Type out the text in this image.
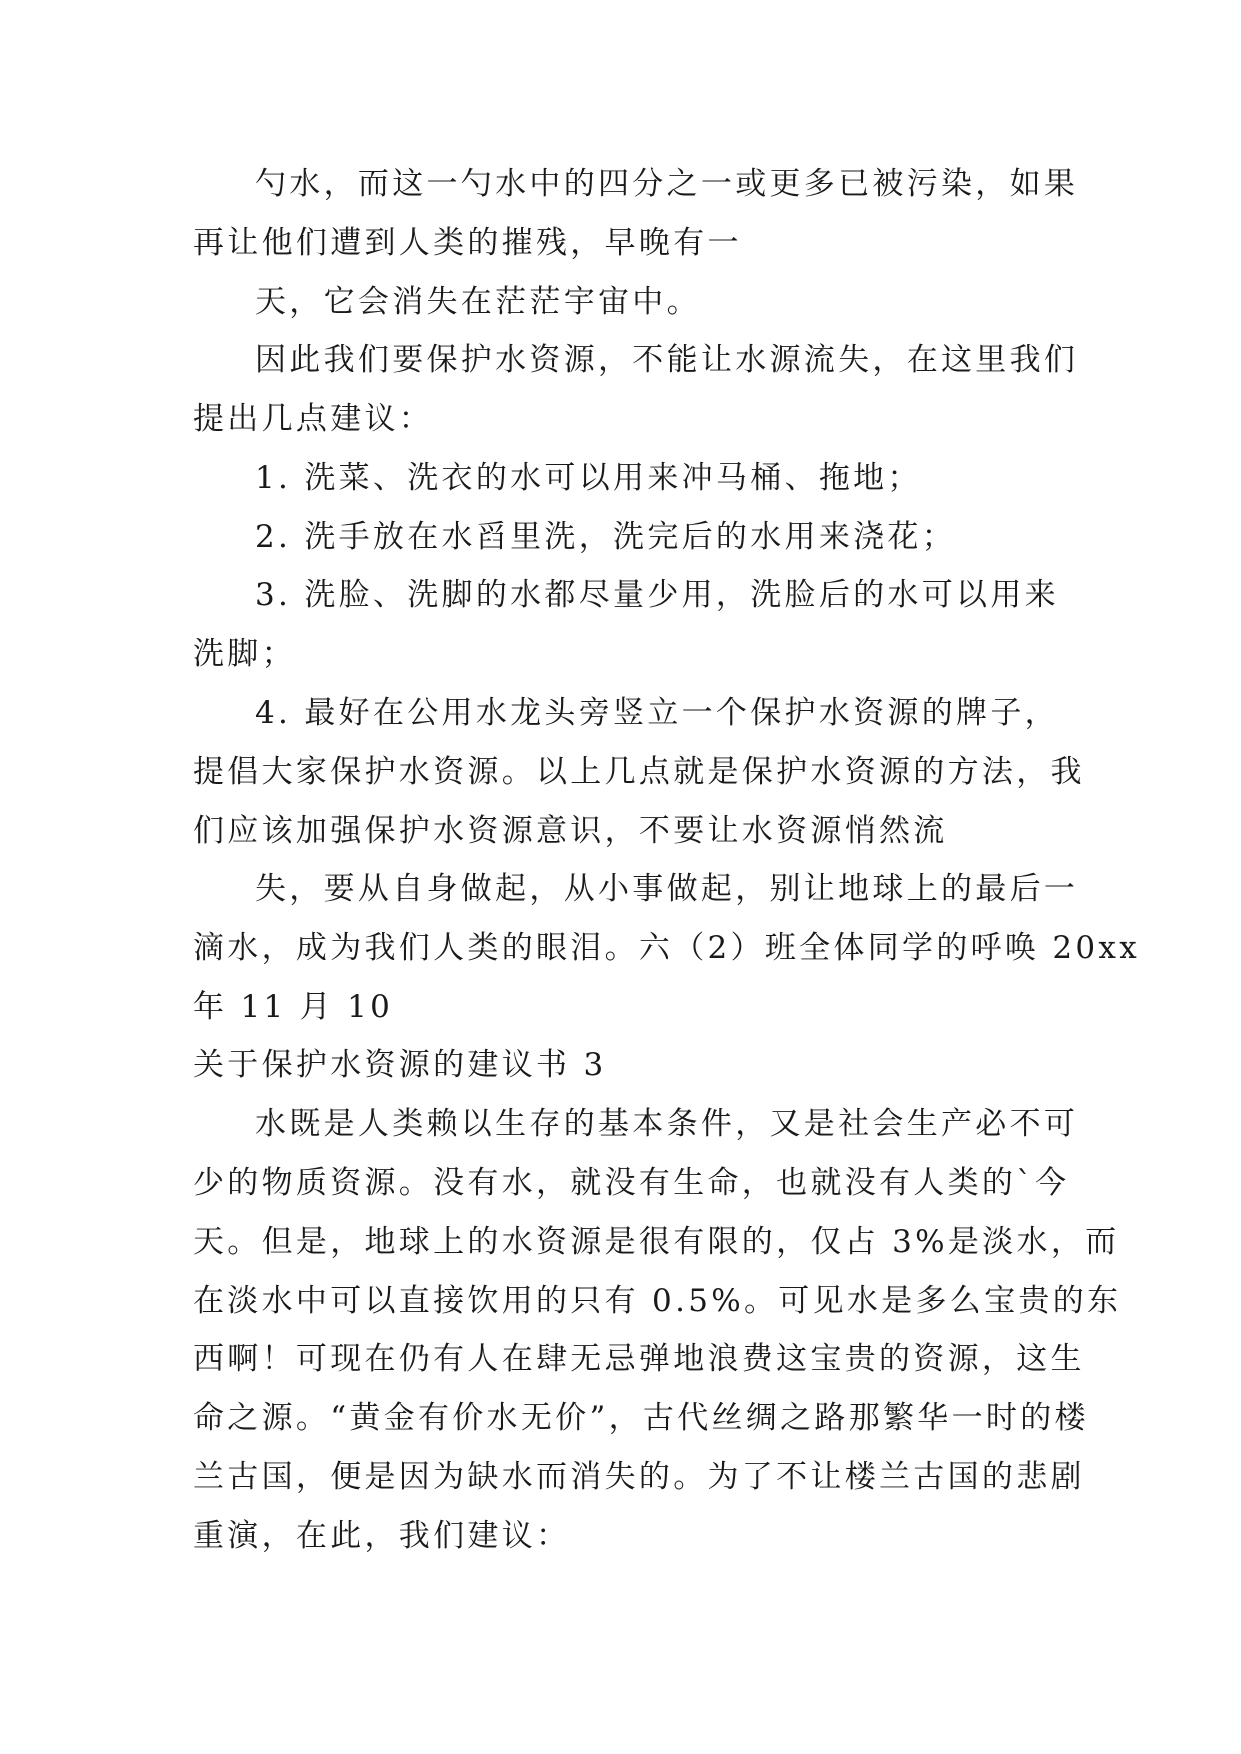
勺水，而这一勺水中的四分之一或更多已被污染，如果

再让他们遭到人类的摧残，早晚有一

天，它会消失在茫茫宇宙中。

因此我们要保护水资源，不能让水源流失，在这里我们

提出几点建议：

1. 洗菜、洗衣的水可以用来冲马桶、拖地；

2. 洗手放在水舀里洗，洗完后的水用来浇花；

3. 洗脸、洗脚的水都尽量少用，洗脸后的水可以用来

洗脚；

4. 最好在公用水龙头旁竖立一个保护水资源的牌子，

提倡大家保护水资源。以上几点就是保护水资源的方法，我

们应该加强保护水资源意识，不要让水资源悄然流

失，要从自身做起，从小事做起，别让地球上的最后一

滴水，成为我们人类的眼泪。六（2）班全体同学的呼唤 20xx

年 11 月 10

关于保护水资源的建议书 3

水既是人类赖以生存的基本条件，又是社会生产必不可

少的物质资源。没有水，就没有生命，也就没有人类的`今

天。但是，地球上的水资源是很有限的，仅占 3%是淡水，而

在淡水中可以直接饮用的只有 0.5%。可见水是多么宝贵的东

西啊！可现在仍有人在肆无忌弹地浪费这宝贵的资源，这生

命之源。“黄金有价水无价”，古代丝绸之路那繁华一时的楼

兰古国，便是因为缺水而消失的。为了不让楼兰古国的悲剧

重演，在此，我们建议：
